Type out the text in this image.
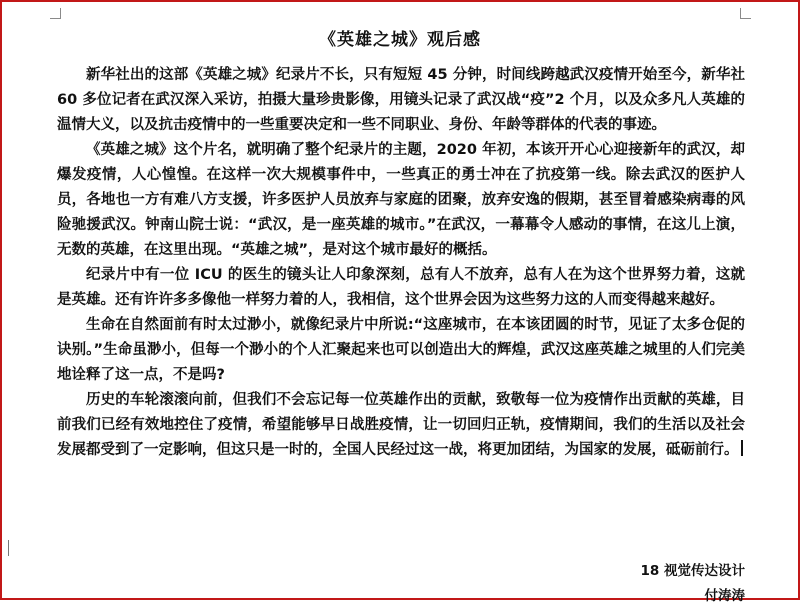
《英雄之城》观后感

新华社出的这部《英雄之城》纪录片不长，只有短短 45 分钟，时间线跨越武汉疫情开始至今，新华社 60 多位记者在武汉深入采访，拍摄大量珍贵影像，用镜头记录了武汉战“疫”2 个月，以及众多凡人英雄的温情大义，以及抗击疫情中的一些重要决定和一些不同职业、身份、年龄等群体的代表的事迹。

《英雄之城》这个片名，就明确了整个纪录片的主题，2020 年初，本该开开心心迎接新年的武汉，却爆发疫情，人心惶惶。在这样一次大规模事件中，一些真正的勇士冲在了抗疫第一线。除去武汉的医护人员，各地也一方有难八方支援，许多医护人员放弃与家庭的团聚，放弃安逸的假期，甚至冒着感染病毒的风险驰援武汉。钟南山院士说：“武汉，是一座英雄的城市。”在武汉，一幕幕令人感动的事情，在这儿上演，无数的英雄，在这里出现。“英雄之城”，是对这个城市最好的概括。

纪录片中有一位 ICU 的医生的镜头让人印象深刻，总有人不放弃，总有人在为这个世界努力着，这就是英雄。还有许许多多像他一样努力着的人，我相信，这个世界会因为这些努力这的人而变得越来越好。

生命在自然面前有时太过渺小，就像纪录片中所说:“这座城市，在本该团圆的时节，见证了太多仓促的诀别。”生命虽渺小，但每一个渺小的个人汇聚起来也可以创造出大的辉煌，武汉这座英雄之城里的人们完美地诠释了这一点，不是吗?

历史的车轮滚滚向前，但我们不会忘记每一位英雄作出的贡献，致敬每一位为疫情作出贡献的英雄，目前我们已经有效地控住了疫情，希望能够早日战胜疫情，让一切回归正轨，疫情期间，我们的生活以及社会发展都受到了一定影响，但这只是一时的，全国人民经过这一战，将更加团结，为国家的发展，砥砺前行。

18 视觉传达设计
付涛涛
